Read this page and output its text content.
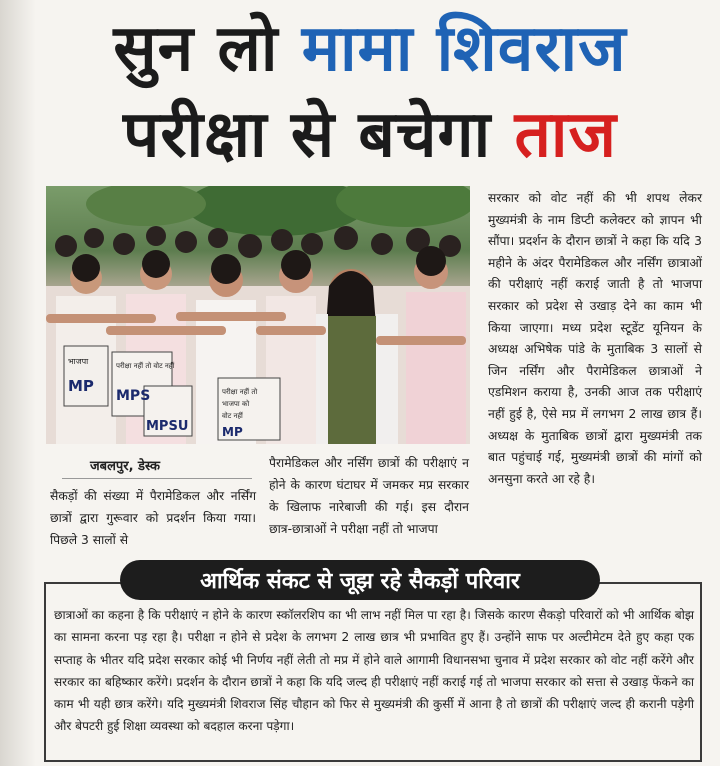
सुन लो मामा शिवराज
परीक्षा से बचेगा ताज
भाजपा
MP
परीक्षा नहीं तो वोट नहीं
MPS
MPSU
परीक्षा नहीं तो
भाजपा को
वोट नहीं
MP
सरकार को वोट नहीं की भी शपथ लेकर मुख्यमंत्री के नाम डिप्टी कलेक्टर को ज्ञापन भी सौंपा। प्रदर्शन के दौरान छात्रों ने कहा कि यदि 3 महीने के अंदर पैरामेडिकल और नर्सिंग छात्राओं की परीक्षाएं नहीं कराई जाती है तो भाजपा सरकार को प्रदेश से उखाड़ देने का काम भी किया जाएगा। मध्य प्रदेश स्टूडेंट यूनियन के अध्यक्ष अभिषेक पांडे के मुताबिक 3 सालों से जिन नर्सिंग और पैरामेडिकल छात्राओं ने एडमिशन कराया है, उनकी आज तक परीक्षाएं नहीं हुई है, ऐसे मप्र में लगभग 2 लाख छात्र हैं। अध्यक्ष के मुताबिक छात्रों द्वारा मुख्यमंत्री तक बात पहुंचाई गई, मुख्यमंत्री छात्रों की मांगों को अनसुना करते आ रहे है।
जबलपुर, डेस्क
सैकड़ों की संख्या में पैरामेडिकल और नर्सिंग छात्रों द्वारा गुरूवार को प्रदर्शन किया गया। पिछले 3 सालों से
पैरामेडिकल और नर्सिंग छात्रों की परीक्षाएं न होने के कारण घंटाघर में जमकर मप्र सरकार के खिलाफ नारेबाजी की गई। इस दौरान छात्र-छात्राओं ने परीक्षा नहीं तो भाजपा
आर्थिक संकट से जूझ रहे सैकड़ों परिवार
छात्राओं का कहना है कि परीक्षाएं न होने के कारण स्कॉलरशिप का भी लाभ नहीं मिल पा रहा है। जिसके कारण सैकड़ो परिवारों को भी आर्थिक बोझ का सामना करना पड़ रहा है। परीक्षा न होने से प्रदेश के लगभग 2 लाख छात्र भी प्रभावित हुए हैं। उन्होंने साफ पर अल्टीमेटम देते हुए कहा एक सप्ताह के भीतर यदि प्रदेश सरकार कोई भी निर्णय नहीं लेती तो मप्र में होने वाले आगामी विधानसभा चुनाव में प्रदेश सरकार को वोट नहीं करेंगे और सरकार का बहिष्कार करेंगे। प्रदर्शन के दौरान छात्रों ने कहा कि यदि जल्द ही परीक्षाएं नहीं कराई गई तो भाजपा सरकार को सत्ता से उखाड़ फेंकने का काम भी यही छात्र करेंगे। यदि मुख्यमंत्री शिवराज सिंह चौहान को फिर से मुख्यमंत्री की कुर्सी में आना है तो छात्रों की परीक्षाएं जल्द ही करानी पड़ेगी और बेपटरी हुई शिक्षा व्यवस्था को बदहाल करना पड़ेगा।
